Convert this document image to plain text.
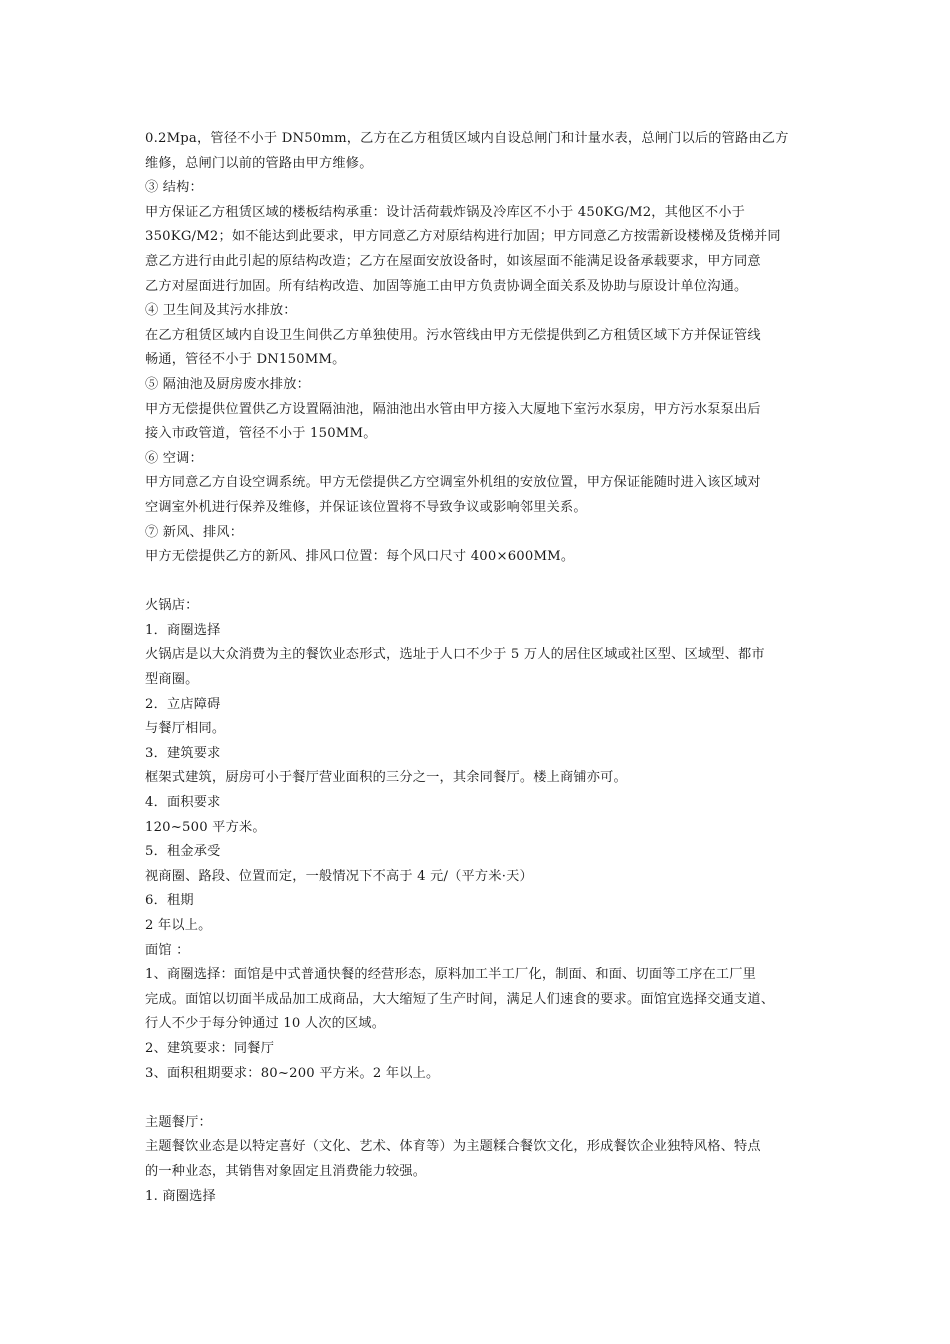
0.2Mpa，管径不小于 DN50mm，乙方在乙方租赁区域内自设总闸门和计量水表，总闸门以后的管路由乙方
维修，总闸门以前的管路由甲方维修。
③ 结构：
甲方保证乙方租赁区域的楼板结构承重：设计活荷载炸锅及冷库区不小于 450KG/M2，其他区不小于
350KG/M2；如不能达到此要求，甲方同意乙方对原结构进行加固；甲方同意乙方按需新设楼梯及货梯并同
意乙方进行由此引起的原结构改造；乙方在屋面安放设备时，如该屋面不能满足设备承载要求，甲方同意
乙方对屋面进行加固。所有结构改造、加固等施工由甲方负责协调全面关系及协助与原设计单位沟通。
④ 卫生间及其污水排放：
在乙方租赁区域内自设卫生间供乙方单独使用。污水管线由甲方无偿提供到乙方租赁区域下方并保证管线
畅通，管径不小于 DN150MM。
⑤ 隔油池及厨房废水排放：
甲方无偿提供位置供乙方设置隔油池，隔油池出水管由甲方接入大厦地下室污水泵房，甲方污水泵泵出后
接入市政管道，管径不小于 150MM。
⑥ 空调：
甲方同意乙方自设空调系统。甲方无偿提供乙方空调室外机组的安放位置，甲方保证能随时进入该区域对
空调室外机进行保养及维修，并保证该位置将不导致争议或影响邻里关系。
⑦ 新风、排风：
甲方无偿提供乙方的新风、排风口位置：每个风口尺寸 400×600MM。
火锅店：
1．商圈选择
火锅店是以大众消费为主的餐饮业态形式，选址于人口不少于 5 万人的居住区域或社区型、区域型、都市
型商圈。
2．立店障碍
与餐厅相同。
3．建筑要求
框架式建筑，厨房可小于餐厅营业面积的三分之一，其余同餐厅。楼上商铺亦可。
4．面积要求
120~500 平方米。
5．租金承受
视商圈、路段、位置而定，一般情况下不高于 4 元/（平方米·天）
6．租期
2 年以上。
面馆 ：
1、商圈选择：面馆是中式普通快餐的经营形态，原料加工半工厂化，制面、和面、切面等工序在工厂里
完成。面馆以切面半成品加工成商品，大大缩短了生产时间，满足人们速食的要求。面馆宜选择交通支道、
行人不少于每分钟通过 10 人次的区域。
2、建筑要求：同餐厅
3、面积租期要求：80~200 平方米。2 年以上。
主题餐厅：
主题餐饮业态是以特定喜好（文化、艺术、体育等）为主题糅合餐饮文化，形成餐饮企业独特风格、特点
的一种业态，其销售对象固定且消费能力较强。
1. 商圈选择
